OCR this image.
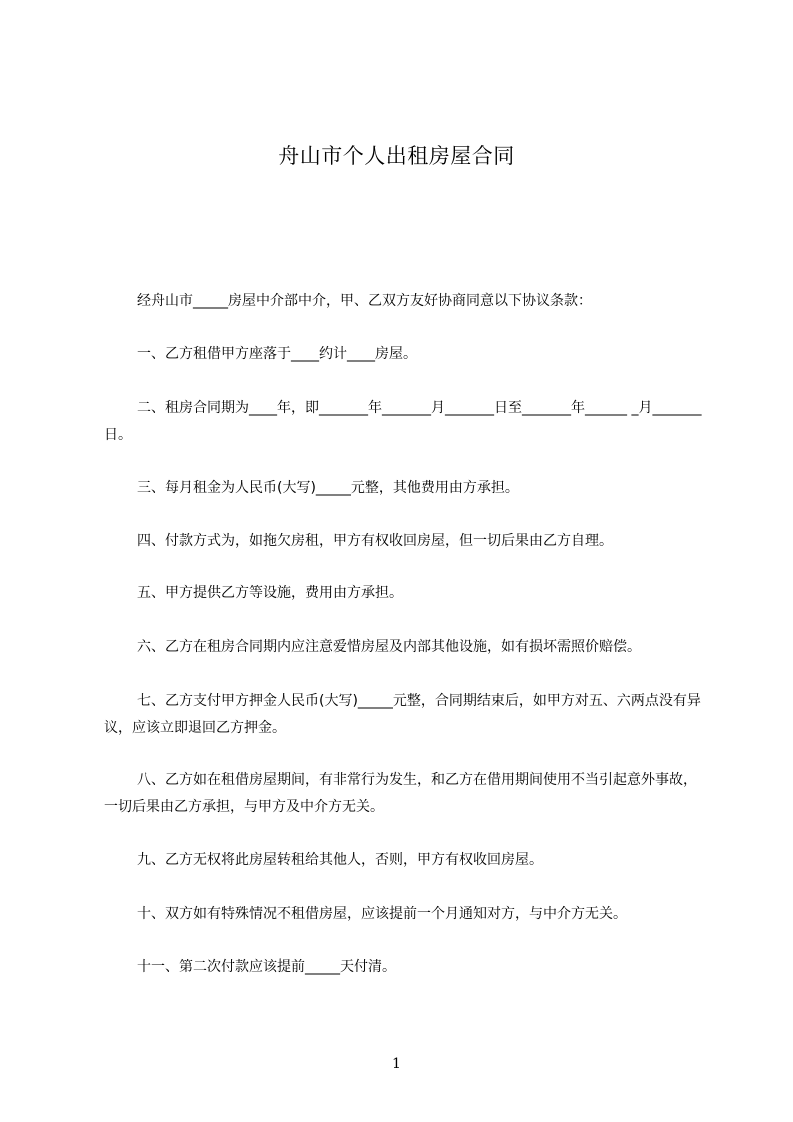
舟山市个人出租房屋合同
经舟山市_____房屋中介部中介，甲、乙双方友好协商同意以下协议条款：
一、乙方租借甲方座落于____约计____房屋。
二、租房合同期为____年，即_______年_______月_______日至_______年______ _月_______日。
三、每月租金为人民币(大写)_____元整，其他费用由方承担。
四、付款方式为，如拖欠房租，甲方有权收回房屋，但一切后果由乙方自理。
五、甲方提供乙方等设施，费用由方承担。
六、乙方在租房合同期内应注意爱惜房屋及内部其他设施，如有损坏需照价赔偿。
七、乙方支付甲方押金人民币(大写)_____元整，合同期结束后，如甲方对五、六两点没有异议，应该立即退回乙方押金。
八、乙方如在租借房屋期间，有非常行为发生，和乙方在借用期间使用不当引起意外事故，一切后果由乙方承担，与甲方及中介方无关。
九、乙方无权将此房屋转租给其他人，否则，甲方有权收回房屋。
十、双方如有特殊情况不租借房屋，应该提前一个月通知对方，与中介方无关。
十一、第二次付款应该提前_____天付清。
1
